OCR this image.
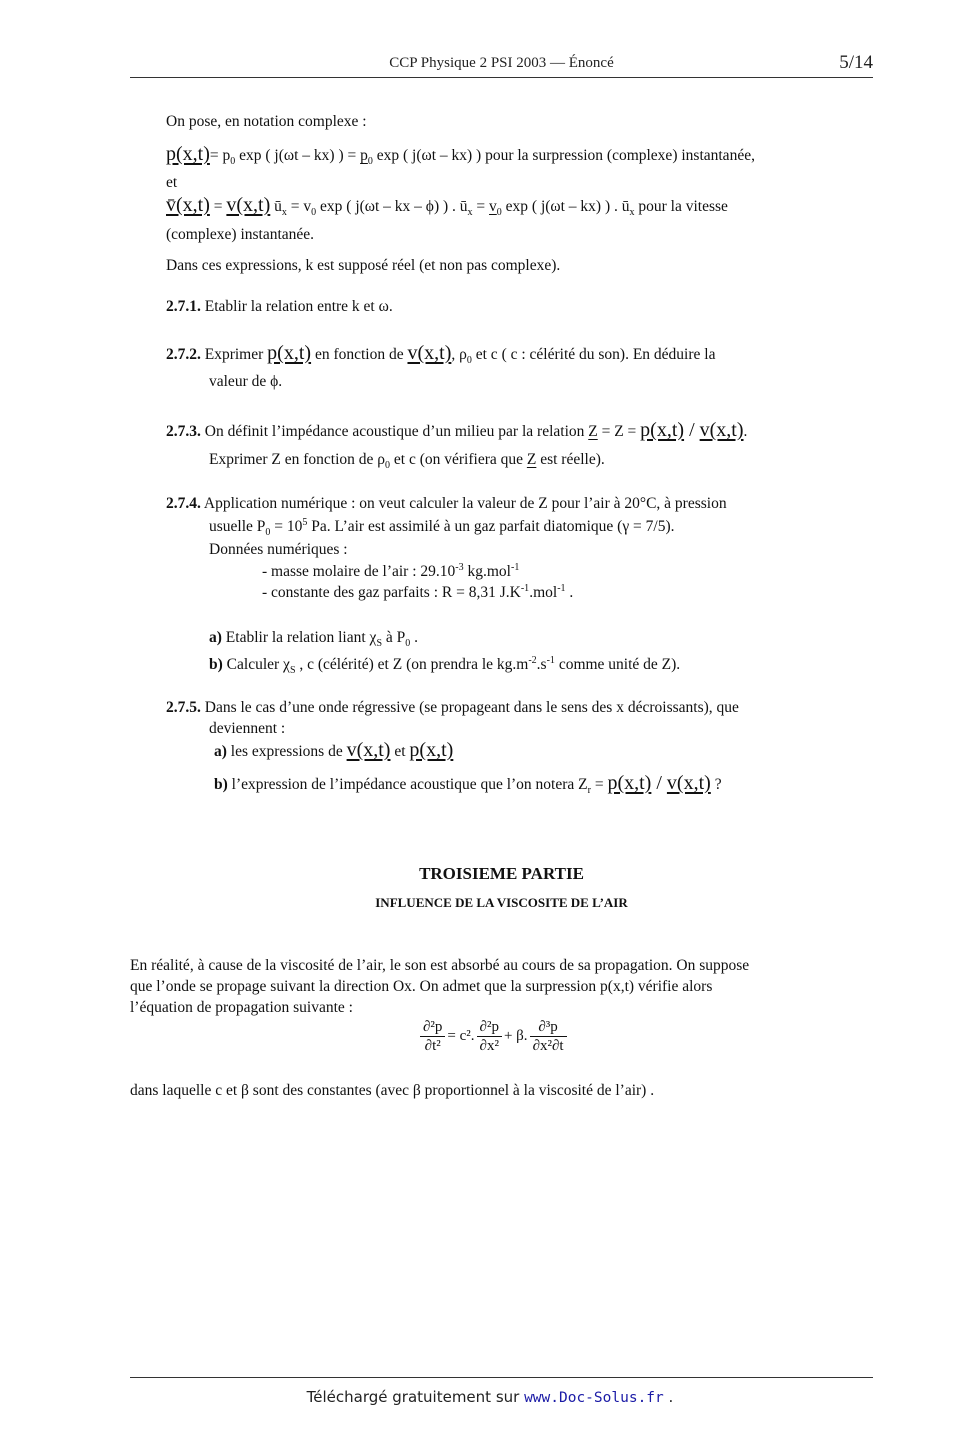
CCP Physique 2 PSI 2003 — Énoncé	5/14
On pose, en notation complexe :
$p(x,t)= p_0$ exp ( j(ωt – kx) ) = $p_0$ exp ( j(ωt – kx) ) pour la surpression (complexe) instantanée,
et
v̄(x,t) = v(x,t) $ū_x = v_0$ exp ( j(ωt – kx – ϕ) ) . $ū_x = v_0$ exp ( j(ωt – kx) ) . $ū_x$ pour la vitesse
(complexe) instantanée.
Dans ces expressions, k est supposé réel (et non pas complexe).
2.7.1. Etablir la relation entre k et ω.
2.7.2. Exprimer p(x,t) en fonction de v(x,t), $\rho_0$ et c ( c : célérité du son). En déduire la
valeur de ϕ.
2.7.3. On définit l’impédance acoustique d’un milieu par la relation Z = Z = p(x,t) / v(x,t).
Exprimer Z en fonction de $\rho_0$ et c (on vérifiera que Z est réelle).
2.7.4. Application numérique : on veut calculer la valeur de Z pour l’air à 20°C, à pression
usuelle $P_0 = 10^5$ Pa. L’air est assimilé à un gaz parfait diatomique (γ = 7/5).
Données numériques :
- masse molaire de l’air : $29.10^{-3}$ kg.mol$^{-1}$
- constante des gaz parfaits : R = 8,31 $J.K^{-1}.mol^{-1}$ .
a) Etablir la relation liant $\chi_S$ à $P_0$ .
b) Calculer $\chi_S$ , c (célérité) et Z (on prendra le $kg.m^{-2}.s^{-1}$ comme unité de Z).
2.7.5. Dans le cas d’une onde régressive (se propageant dans le sens des x décroissants), que
deviennent :
a) les expressions de v(x,t) et p(x,t)
b) l’expression de l’impédance acoustique que l’on notera $Z_r = p(x,t) / v(x,t)$ ?
TROISIEME PARTIE
INFLUENCE DE LA VISCOSITE DE L’AIR
En réalité, à cause de la viscosité de l’air, le son est absorbé au cours de sa propagation. On suppose
que l’onde se propage suivant la direction Ox. On admet que la surpression p(x,t) vérifie alors
l’équation de propagation suivante :
$\frac{\text{∂²p}}{\text{∂t²}} = c^2$. $\frac{\text{∂²p}}{\text{∂x²}} + \beta$. $\frac{\text{∂³p}}{\text{∂x²∂t}}$
dans laquelle c et β sont des constantes (avec β proportionnel à la viscosité de l’air) .
Téléchargé gratuitement sur www.Doc-Solus.fr .
